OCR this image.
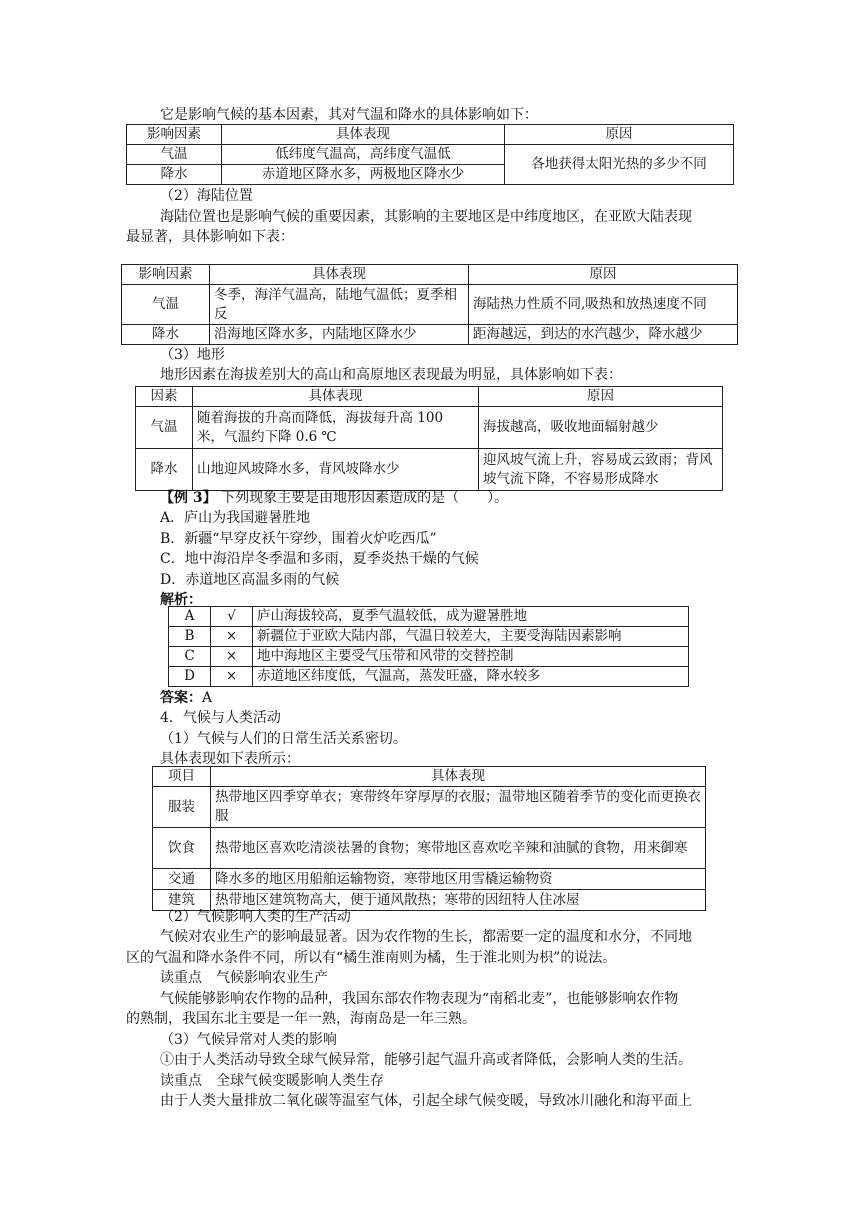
它是影响气候的基本因素，其对气温和降水的具体影响如下：
影响因素	具体表现	原因
气温	低纬度气温高，高纬度气温低	各地获得太阳光热的多少不同
降水	赤道地区降水多，两极地区降水少	
（2）海陆位置
海陆位置也是影响气候的重要因素，其影响的主要地区是中纬度地区，在亚欧大陆表现
最显著，具体影响如下表：
影响因素	具体表现	原因
气温	冬季，海洋气温高，陆地气温低；夏季相反	海陆热力性质不同,吸热和放热速度不同
降水	沿海地区降水多，内陆地区降水少	距海越远，到达的水汽越少，降水越少
（3）地形
地形因素在海拔差别大的高山和高原地区表现最为明显，具体影响如下表：
因素	具体表现	原因
气温	随着海拔的升高而降低，海拔每升高 100 米，气温约下降 0.6 ℃	海拔越高，吸收地面辐射越少
降水	山地迎风坡降水多，背风坡降水少	迎风坡气流上升，容易成云致雨；背风坡气流下降，不容易形成降水
【例 3】 下列现象主要是由地形因素造成的是（　　）。
A．庐山为我国避暑胜地
B．新疆“早穿皮袄午穿纱，围着火炉吃西瓜”
C．地中海沿岸冬季温和多雨，夏季炎热干燥的气候
D．赤道地区高温多雨的气候
解析：
A	√	庐山海拔较高，夏季气温较低，成为避暑胜地
B	×	新疆位于亚欧大陆内部，气温日较差大，主要受海陆因素影响
C	×	地中海地区主要受气压带和风带的交替控制
D	×	赤道地区纬度低，气温高，蒸发旺盛，降水较多
答案：A
4．气候与人类活动
（1）气候与人们的日常生活关系密切。
具体表现如下表所示：
项目	具体表现
服装	热带地区四季穿单衣；寒带终年穿厚厚的衣服；温带地区随着季节的变化而更换衣服
饮食	热带地区喜欢吃清淡祛暑的食物；寒带地区喜欢吃辛辣和油腻的食物，用来御寒
交通	降水多的地区用船舶运输物资，寒带地区用雪橇运输物资
建筑	热带地区建筑物高大，便于通风散热；寒带的因纽特人住冰屋
（2）气候影响人类的生产活动
气候对农业生产的影响最显著。因为农作物的生长，都需要一定的温度和水分，不同地
区的气温和降水条件不同，所以有“橘生淮南则为橘，生于淮北则为枳”的说法。
读重点　气候影响农业生产
气候能够影响农作物的品种，我国东部农作物表现为“南稻北麦”，也能够影响农作物
的熟制，我国东北主要是一年一熟，海南岛是一年三熟。
（3）气候异常对人类的影响
①由于人类活动导致全球气候异常，能够引起气温升高或者降低，会影响人类的生活。
读重点　全球气候变暖影响人类生存
由于人类大量排放二氧化碳等温室气体，引起全球气候变暖，导致冰川融化和海平面上
